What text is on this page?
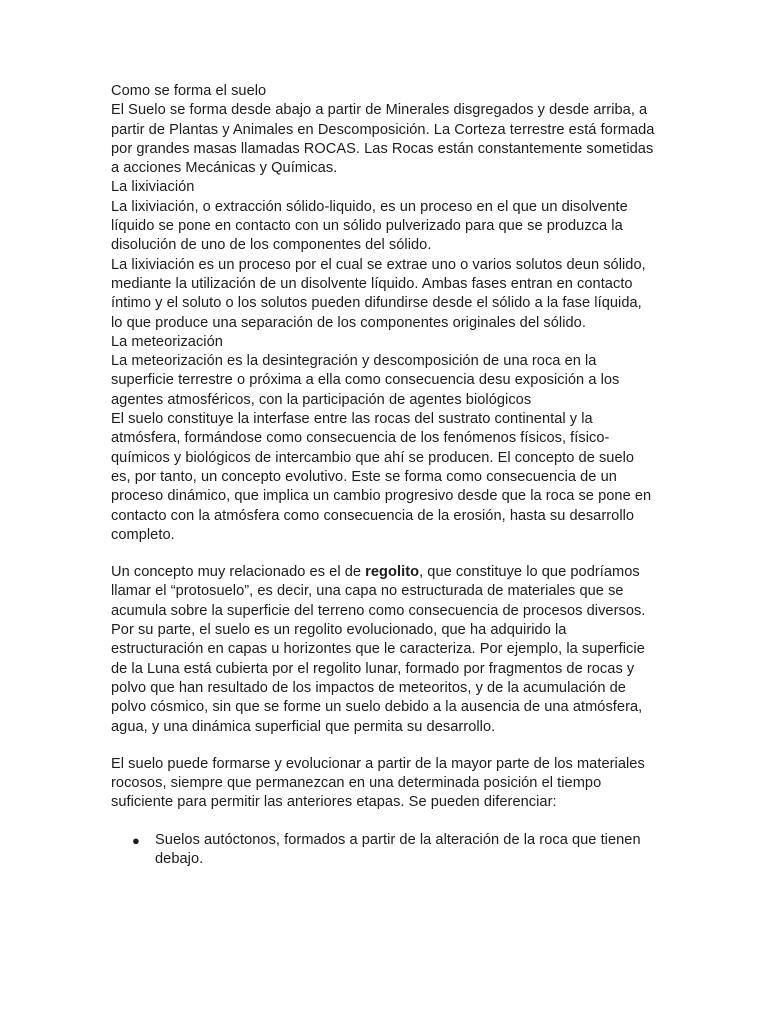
Como se forma el suelo

El Suelo se forma desde abajo a partir de Minerales disgregados y desde arriba, a partir de Plantas y Animales en Descomposición. La Corteza terrestre está formada por grandes masas llamadas ROCAS. Las Rocas están constantemente sometidas a acciones Mecánicas y Químicas.

La lixiviación

La lixiviación, o extracción sólido-liquido, es un proceso en el que un disolvente líquido se pone en contacto con un sólido pulverizado para que se produzca la disolución de uno de los componentes del sólido.

La lixiviación es un proceso por el cual se extrae uno o varios solutos deun sólido, mediante la utilización de un disolvente líquido. Ambas fases entran en contacto íntimo y el soluto o los solutos pueden difundirse desde el sólido a la fase líquida, lo que produce una separación de los componentes originales del sólido.

La meteorización

La meteorización es la desintegración y descomposición de una roca en la superficie terrestre o próxima a ella como consecuencia desu exposición a los agentes atmosféricos, con la participación de agentes biológicos

El suelo constituye la interfase entre las rocas del sustrato continental y la atmósfera, formándose como consecuencia de los fenómenos físicos, físico-químicos y biológicos de intercambio que ahí se producen. El concepto de suelo es, por tanto, un concepto evolutivo. Este se forma como consecuencia de un proceso dinámico, que implica un cambio progresivo desde que la roca se pone en contacto con la atmósfera como consecuencia de la erosión, hasta su desarrollo completo.

Un concepto muy relacionado es el de regolito, que constituye lo que podríamos llamar el “protosuelo”, es decir, una capa no estructurada de materiales que se acumula sobre la superficie del terreno como consecuencia de procesos diversos. Por su parte, el suelo es un regolito evolucionado, que ha adquirido la estructuración en capas u horizontes que le caracteriza. Por ejemplo, la superficie de la Luna está cubierta por el regolito lunar, formado por fragmentos de rocas y polvo que han resultado de los impactos de meteoritos, y de la acumulación de polvo cósmico, sin que se forme un suelo debido a la ausencia de una atmósfera, agua, y una dinámica superficial que permita su desarrollo.

El suelo puede formarse y evolucionar a partir de la mayor parte de los materiales rocosos, siempre que permanezcan en una determinada posición el tiempo suficiente para permitir las anteriores etapas. Se pueden diferenciar:

● Suelos autóctonos, formados a partir de la alteración de la roca que tienen debajo.
